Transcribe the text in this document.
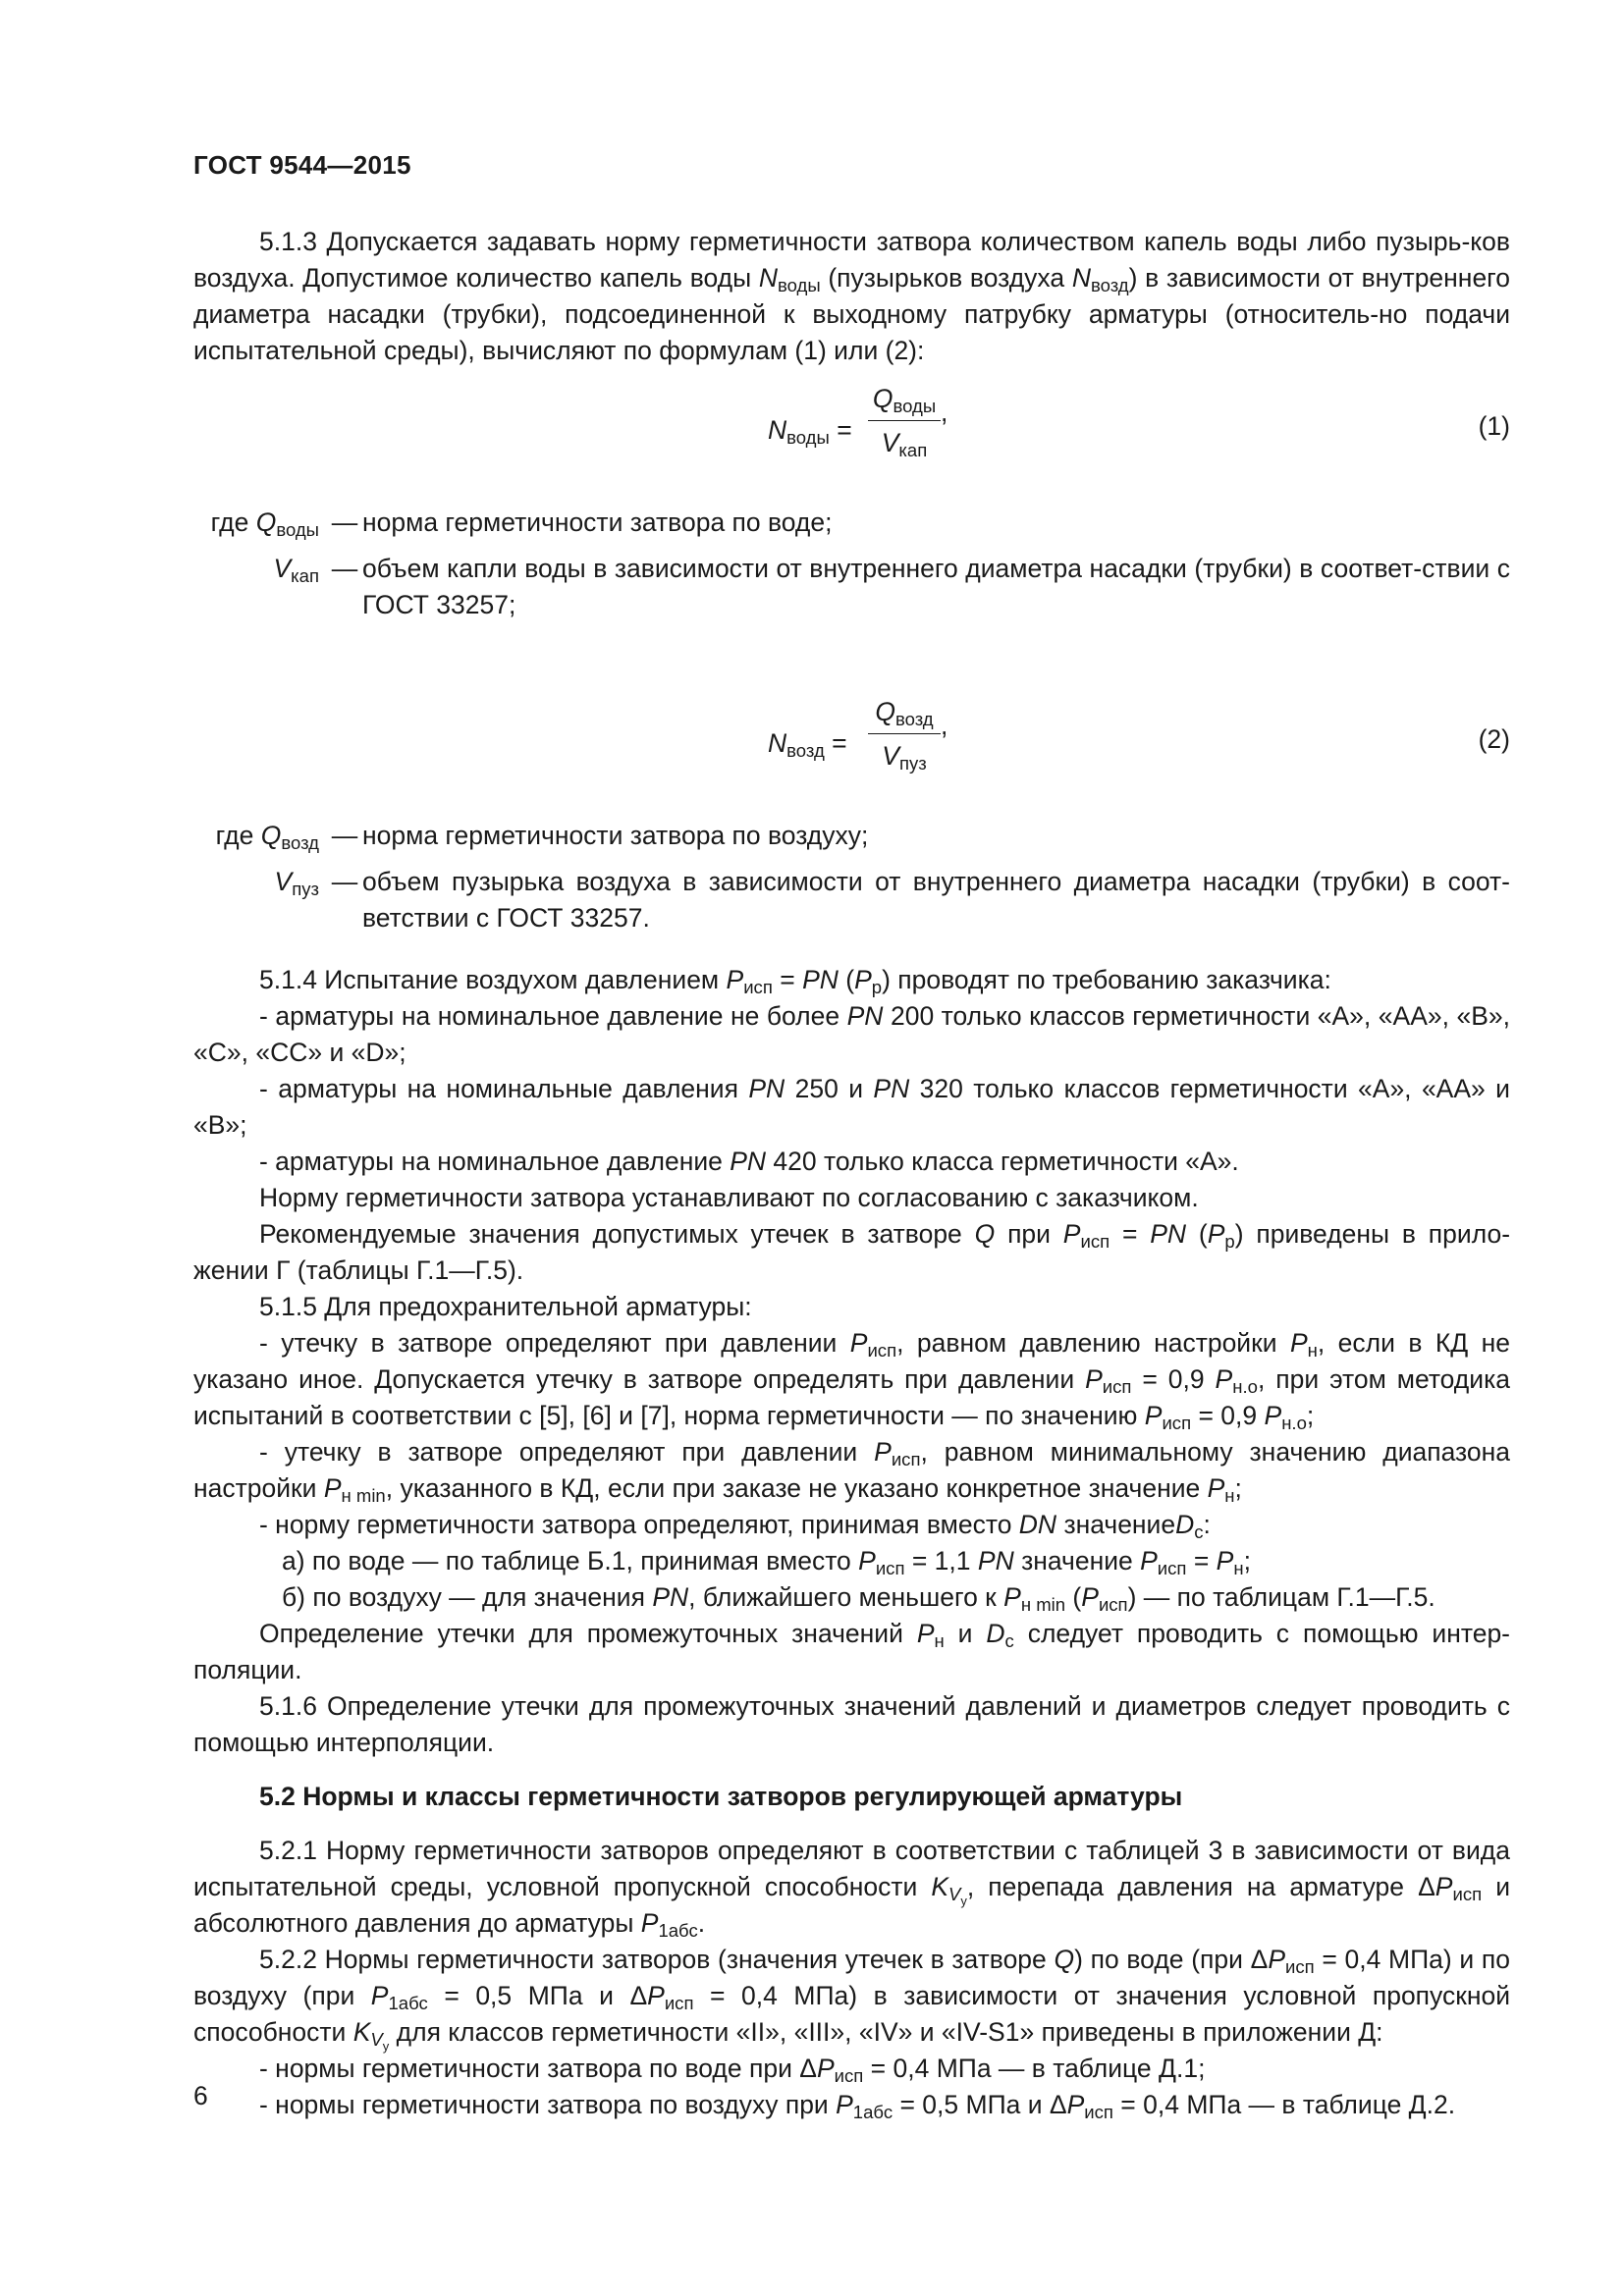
ГОСТ 9544—2015

5.1.3 Допускается задавать норму герметичности затвора количеством капель воды либо пузырь-ков воздуха. Допустимое количество капель воды $N_{воды}$ (пузырьков воздуха $N_{возд}$) в зависимости от внутреннего диаметра насадки (трубки), подсоединенной к выходному патрубку арматуры (относитель-но подачи испытательной среды), вычисляют по формулам (1) или (2):

$N_{воды}$ =
$Q_{воды}$
$V_{кап}$
,	(1)
где $Q_{воды}$ — норма герметичности затвора по воде;
$V_{кап}$ — объем капли воды в зависимости от внутреннего диаметра насадки (трубки) в соответ-ствии с ГОСТ 33257;
$N_{возд}$ =
$Q_{возд}$
$V_{пуз}$
,	(2)
где $Q_{возд}$ — норма герметичности затвора по воздуху;
$V_{пуз}$ — объем пузырька воздуха в зависимости от внутреннего диаметра насадки (трубки) в соот-ветствии с ГОСТ 33257.

5.1.4 Испытание воздухом давлением $P_{исп}$ = PN $(P_р)$ проводят по требованию заказчика:

- арматуры на номинальное давление не более PN 200 только классов герметичности «А», «АА», «В», «С», «СС» и «D»;

- арматуры на номинальные давления PN 250 и PN 320 только классов герметичности «А», «АА» и «В»;

- арматуры на номинальное давление PN 420 только класса герметичности «А».

Норму герметичности затвора устанавливают по согласованию с заказчиком.

Рекомендуемые значения допустимых утечек в затворе Q при $P_{исп}$ = PN $(P_р)$ приведены в прило-жении Г (таблицы Г.1—Г.5).

5.1.5 Для предохранительной арматуры:

- утечку в затворе определяют при давлении $P_{исп}$, равном давлению настройки $P_н$, если в КД не указано иное. Допускается утечку в затворе определять при давлении $P_{исп} = 0,9$ $P_{н.о}$, при этом методика испытаний в соответствии с [5], [6] и [7], норма герметичности — по значению $P_{исп} = 0,9$ $P_{н.о}$;

- утечку в затворе определяют при давлении $P_{исп}$, равном минимальному значению диапазона настройки $P_{н min}$, указанного в КД, если при заказе не указано конкретное значение $P_н$;

- норму герметичности затвора определяют, принимая вместо DN значениеD$_с$:

а) по воде — по таблице Б.1, принимая вместо $P_{исп} = 1,1$ PN значение $P_{исп} = P_н$;

б) по воздуху — для значения PN, ближайшего меньшего к $P_{н min}$ $(P_{исп})$ — по таблицам Г.1—Г.5.

Определение утечки для промежуточных значений $P_н$ и $D_с$ следует проводить с помощью интер-поляции.

5.1.6 Определение утечки для промежуточных значений давлений и диаметров следует проводить с помощью интерполяции.

5.2 Нормы и классы герметичности затворов регулирующей арматуры

5.2.1 Норму герметичности затворов определяют в соответствии с таблицей 3 в зависимости от вида испытательной среды, условной пропускной способности $K_{V_у}$, перепада давления на арматуре $\Delta P_{исп}$ и абсолютного давления до арматуры $P_{1абс}$.

5.2.2 Нормы герметичности затворов (значения утечек в затворе Q) по воде (при $\Delta P_{исп} = 0,4$ МПа) и по воздуху (при $P_{1абс} = 0,5$ МПа и $\Delta P_{исп} = 0,4$ МПа) в зависимости от значения условной пропускной способности $K_{V_у}$ для классов герметичности «II», «III», «IV» и «IV-S1» приведены в приложении Д:

- нормы герметичности затвора по воде при $\Delta P_{исп} = 0,4$ МПа — в таблице Д.1;

- нормы герметичности затвора по воздуху при $P_{1абс} = 0,5$ МПа и $\Delta P_{исп} = 0,4$ МПа — в таблице Д.2.

6
